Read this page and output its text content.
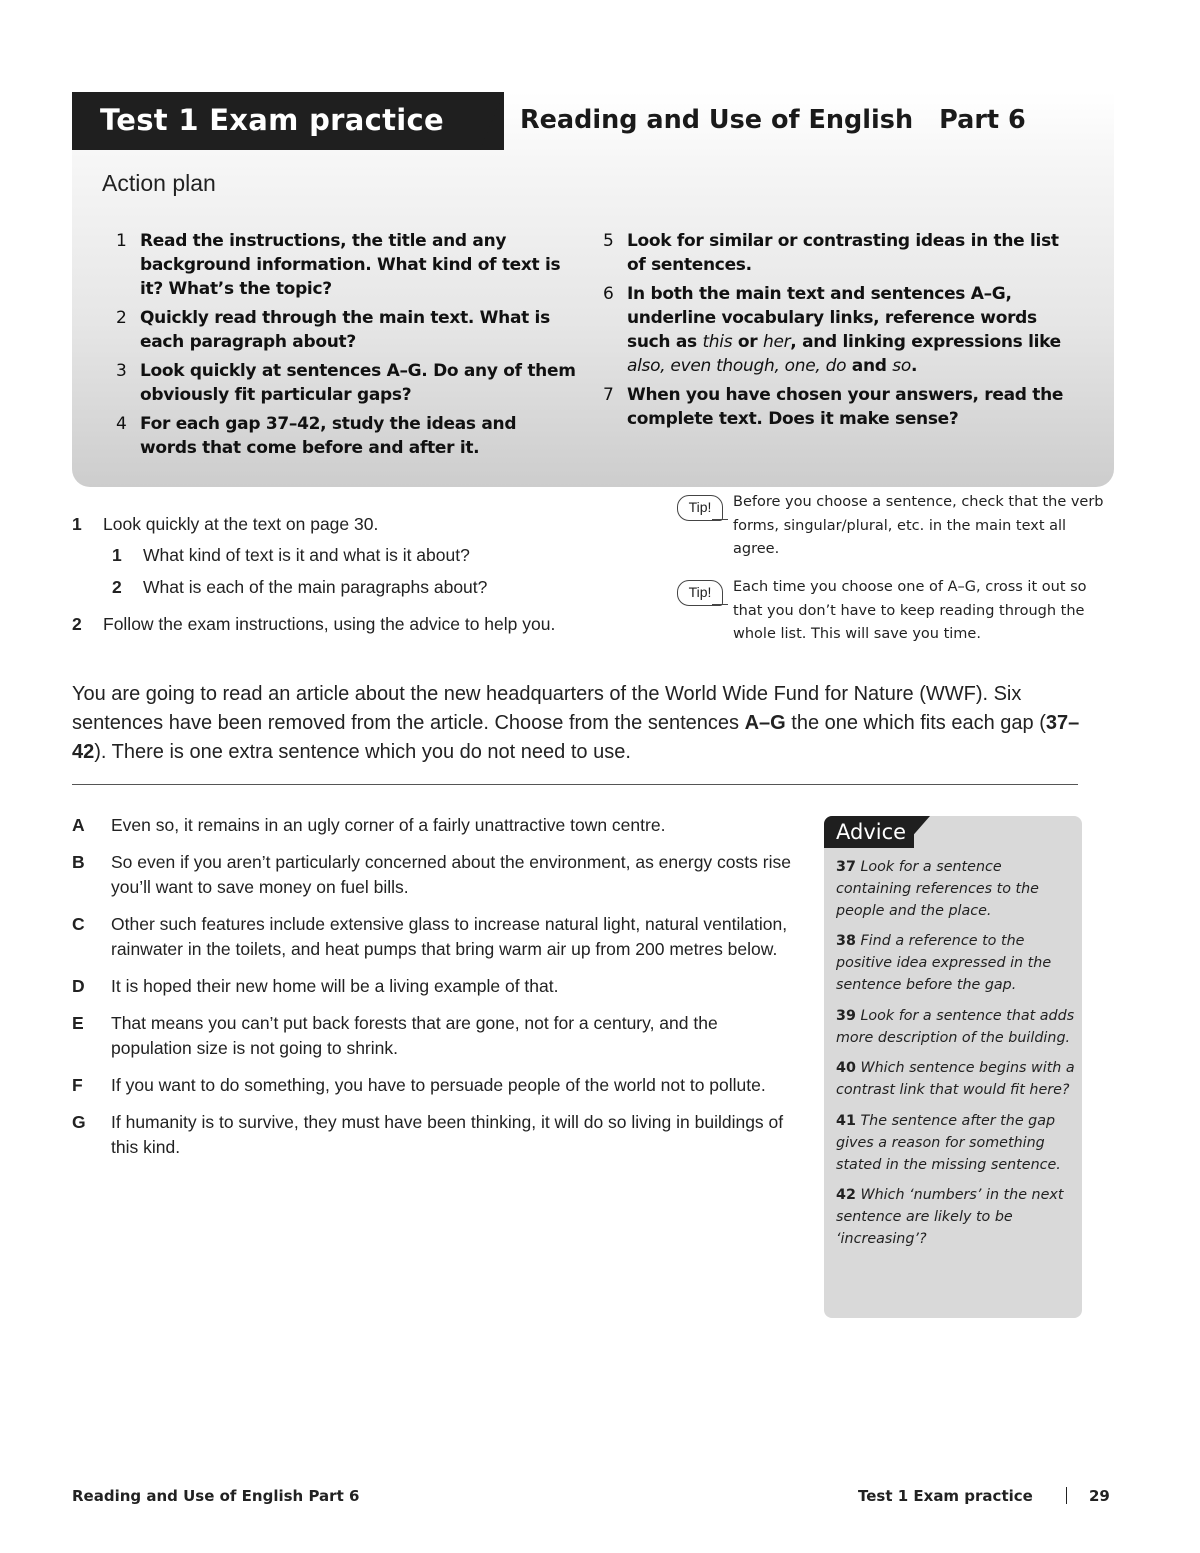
Test 1 Exam practice	Reading and Use of English Part 6
Action plan
1 Read the instructions, the title and any background information. What kind of text is it? What’s the topic?
2 Quickly read through the main text. What is each paragraph about?
3 Look quickly at sentences A–G. Do any of them obviously fit particular gaps?
4 For each gap 37–42, study the ideas and words that come before and after it.
5 Look for similar or contrasting ideas in the list of sentences.
6 In both the main text and sentences A–G, underline vocabulary links, reference words such as this or her, and linking expressions like also, even though, one, do and so.
7 When you have chosen your answers, read the complete text. Does it make sense?
1 Look quickly at the text on page 30.
1 What kind of text is it and what is it about?
2 What is each of the main paragraphs about?
2 Follow the exam instructions, using the advice to help you.
Tip!	Before you choose a sentence, check that the verb forms, singular/plural, etc. in the main text all agree.
Tip!	Each time you choose one of A–G, cross it out so that you don’t have to keep reading through the whole list. This will save you time.
You are going to read an article about the new headquarters of the World Wide Fund for Nature (WWF). Six sentences have been removed from the article. Choose from the sentences A–G the one which fits each gap (37–42). There is one extra sentence which you do not need to use.
A Even so, it remains in an ugly corner of a fairly unattractive town centre.
B So even if you aren’t particularly concerned about the environment, as energy costs rise you’ll want to save money on fuel bills.
C Other such features include extensive glass to increase natural light, natural ventilation, rainwater in the toilets, and heat pumps that bring warm air up from 200 metres below.
D It is hoped their new home will be a living example of that.
E That means you can’t put back forests that are gone, not for a century, and the population size is not going to shrink.
F If you want to do something, you have to persuade people of the world not to pollute.
G If humanity is to survive, they must have been thinking, it will do so living in buildings of this kind.
Advice
37 Look for a sentence containing references to the people and the place.
38 Find a reference to the positive idea expressed in the sentence before the gap.
39 Look for a sentence that adds more description of the building.
40 Which sentence begins with a contrast link that would fit here?
41 The sentence after the gap gives a reason for something stated in the missing sentence.
42 Which ‘numbers’ in the next sentence are likely to be ‘increasing’?
Reading and Use of English Part 6	Test 1 Exam practice	29
